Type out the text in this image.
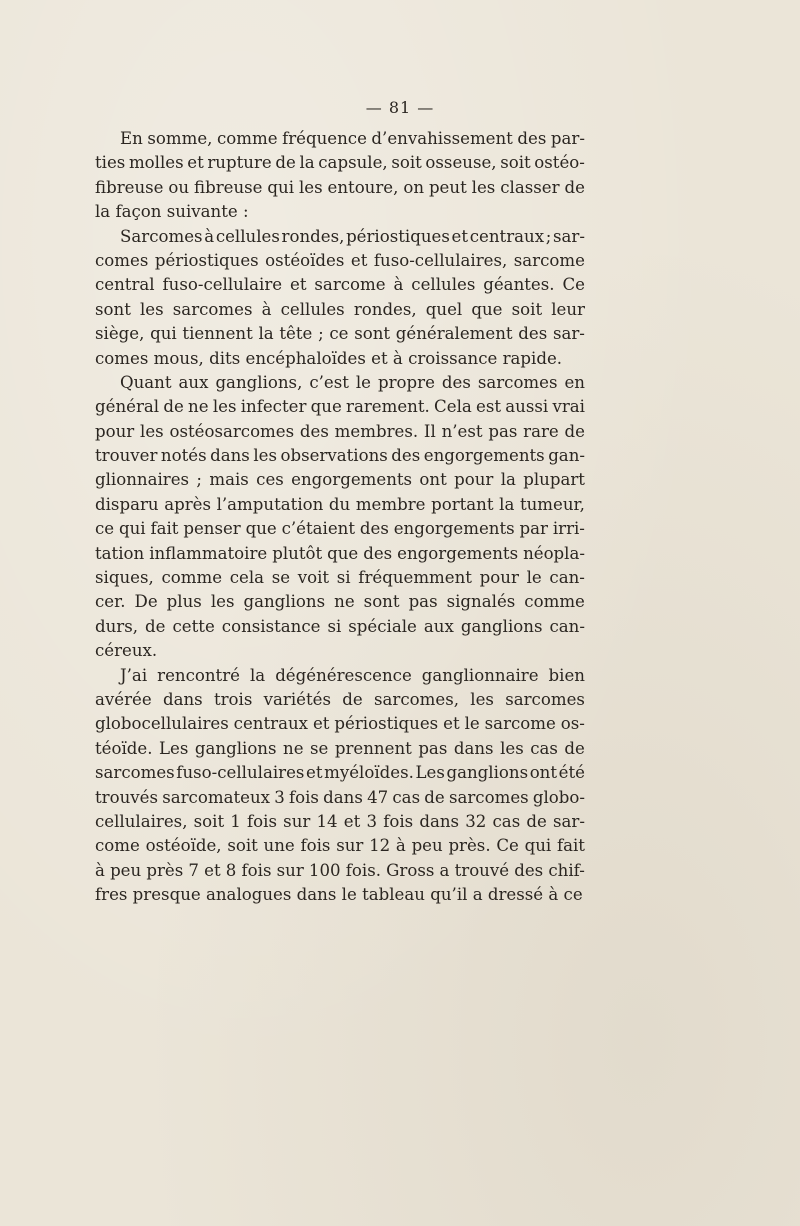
— 81 —
En somme, comme fréquence d’envahissement des par-
ties molles et rupture de la capsule, soit osseuse, soit ostéo-
fibreuse ou fibreuse qui les entoure, on peut les classer de
la façon suivante :
Sarcomes à cellules rondes, périostiques et centraux ; sar-
comes périostiques ostéoïdes et fuso-cellulaires, sarcome
central fuso-cellulaire et sarcome à cellules géantes. Ce
sont les sarcomes à cellules rondes, quel que soit leur
siège, qui tiennent la tête ; ce sont généralement des sar-
comes mous, dits encéphaloïdes et à croissance rapide.
Quant aux ganglions, c’est le propre des sarcomes en
général de ne les infecter que rarement. Cela est aussi vrai
pour les ostéosarcomes des membres. Il n’est pas rare de
trouver notés dans les observations des engorgements gan-
glionnaires ; mais ces engorgements ont pour la plupart
disparu après l’amputation du membre portant la tumeur,
ce qui fait penser que c’étaient des engorgements par irri-
tation inflammatoire plutôt que des engorgements néopla-
siques, comme cela se voit si fréquemment pour le can-
cer. De plus les ganglions ne sont pas signalés comme
durs, de cette consistance si spéciale aux ganglions can-
céreux.
J’ai rencontré la dégénérescence ganglionnaire bien
avérée dans trois variétés de sarcomes, les sarcomes
globocellulaires centraux et périostiques et le sarcome os-
téoïde. Les ganglions ne se prennent pas dans les cas de
sarcomes fuso-cellulaires et myéloïdes. Les ganglions ont été
trouvés sarcomateux 3 fois dans 47 cas de sarcomes globo-
cellulaires, soit 1 fois sur 14 et 3 fois dans 32 cas de sar-
come ostéoïde, soit une fois sur 12 à peu près. Ce qui fait
à peu près 7 et 8 fois sur 100 fois. Gross a trouvé des chif-
fres presque analogues dans le tableau qu’il a dressé à ce
